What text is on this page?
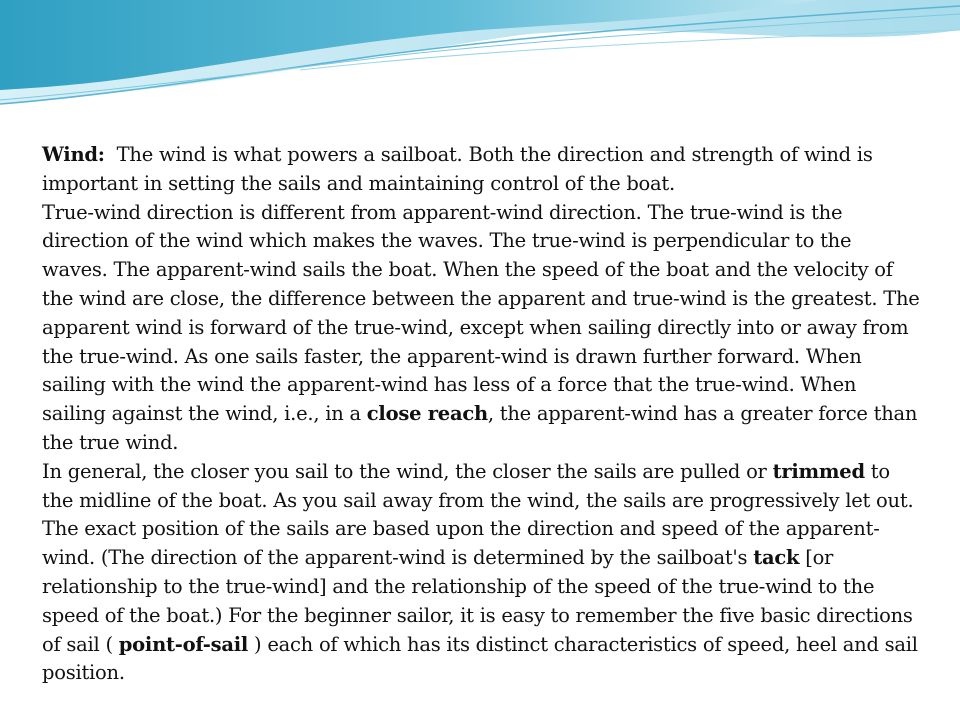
Wind: The wind is what powers a sailboat. Both the direction and strength of wind is important in setting the sails and maintaining control of the boat.

True-wind direction is different from apparent-wind direction. The true-wind is the direction of the wind which makes the waves. The true-wind is perpendicular to the waves. The apparent-wind sails the boat. When the speed of the boat and the velocity of the wind are close, the difference between the apparent and true-wind is the greatest. The apparent wind is forward of the true-wind, except when sailing directly into or away from the true-wind. As one sails faster, the apparent-wind is drawn further forward. When sailing with the wind the apparent-wind has less of a force that the true-wind. When sailing against the wind, i.e., in a close reach, the apparent-wind has a greater force than the true wind.

In general, the closer you sail to the wind, the closer the sails are pulled or trimmed to the midline of the boat. As you sail away from the wind, the sails are progressively let out. The exact position of the sails are based upon the direction and speed of the apparent-wind. (The direction of the apparent-wind is determined by the sailboat's tack [or relationship to the true-wind] and the relationship of the speed of the true-wind to the speed of the boat.) For the beginner sailor, it is easy to remember the five basic directions of sail ( point-of-sail ) each of which has its distinct characteristics of speed, heel and sail position.
